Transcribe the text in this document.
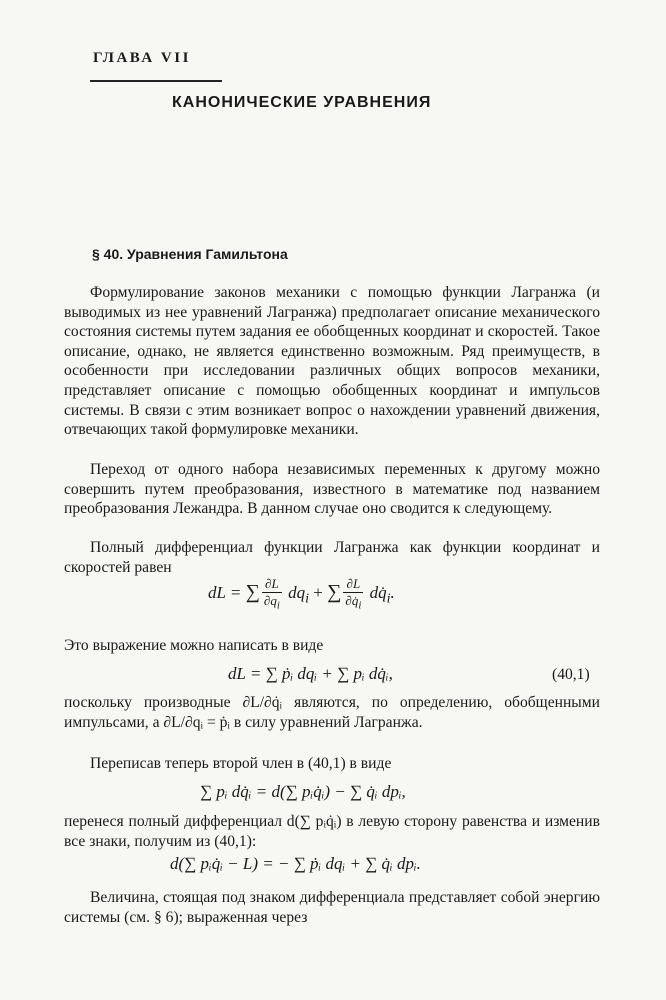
ГЛАВА VII
КАНОНИЧЕСКИЕ УРАВНЕНИЯ
§ 40. Уравнения Гамильтона

Формулирование законов механики с помощью функции Лагранжа (и выводимых из нее уравнений Лагранжа) предполагает описание механического состояния системы путем задания ее обобщенных координат и скоростей. Такое описание, однако, не является единственно возможным. Ряд преимуществ, в особенности при исследовании различных общих вопросов механики, представляет описание с помощью обобщенных координат и импульсов системы. В связи с этим возникает вопрос о нахождении уравнений движения, отвечающих такой формулировке механики.

Переход от одного набора независимых переменных к другому можно совершить путем преобразования, известного в математике под названием преобразования Лежандра. В данном случае оно сводится к следующему.

Полный дифференциал функции Лагранжа как функции координат и скоростей равен

dL = ∑ $\frac{\partial L}{\partial q_i} dq_i$ + ∑ $\frac{\partial L}{\partial q̇_i}$ $dq̇_i$.

Это выражение можно написать в виде

dL = ∑ ṗᵢ dqᵢ + ∑ pᵢ dq̇ᵢ,	(40,1)

поскольку производные ∂L/∂q̇ᵢ являются, по определению, обобщенными импульсами, а ∂L/∂qᵢ = ṗᵢ в силу уравнений Лагранжа.

Переписав теперь второй член в (40,1) в виде

∑ pᵢ dq̇ᵢ = d(∑ pᵢq̇ᵢ) − ∑ q̇ᵢ dpᵢ,

перенеся полный дифференциал d(∑ pᵢq̇ᵢ) в левую сторону равенства и изменив все знаки, получим из (40,1):

d(∑ pᵢq̇ᵢ − L) = − ∑ ṗᵢ dqᵢ + ∑ q̇ᵢ dpᵢ.

Величина, стоящая под знаком дифференциала представляет собой энергию системы (см. § 6); выраженная через
